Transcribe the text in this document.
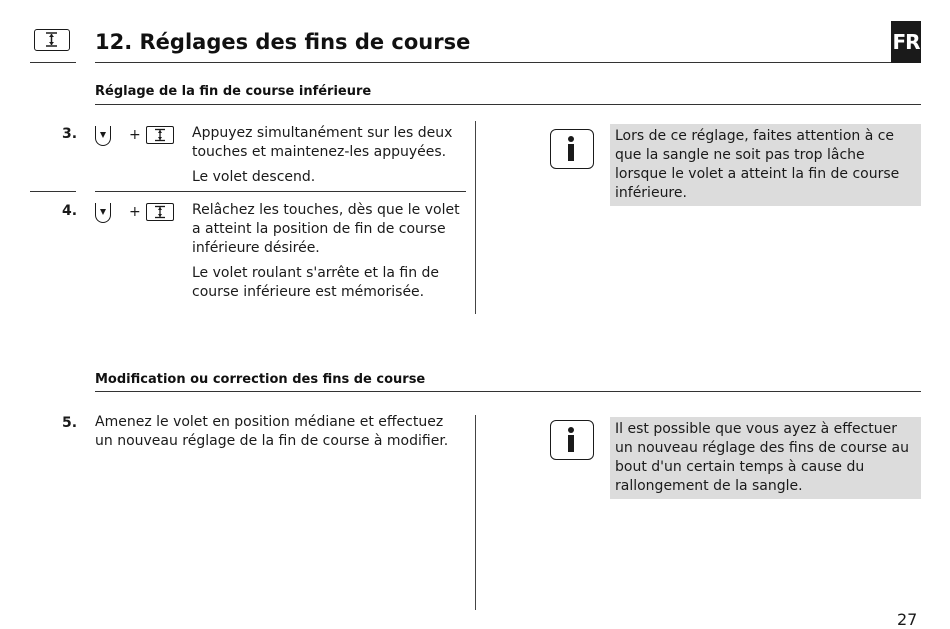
12. Réglages des fins de course	FR
Réglage de la fin de course inférieure
3.	+	Appuyez simultanément sur les deux touches et maintenez-les appuyées.

Le volet descend.

4.	+	Relâchez les touches, dès que le volet a atteint la position de fin de course inférieure désirée.

Le volet roulant s'arrête et la fin de course inférieure est mémorisée.

Lors de ce réglage, faites attention à ce que la sangle ne soit pas trop lâche lorsque le volet a atteint la fin de course inférieure.
Modification ou correction des fins de course
5. Amenez le volet en position médiane et effectuez un nouveau réglage de la fin de course à modifier.

Il est possible que vous ayez à effectuer un nouveau réglage des fins de course au bout d'un certain temps à cause du rallongement de la sangle.
27
